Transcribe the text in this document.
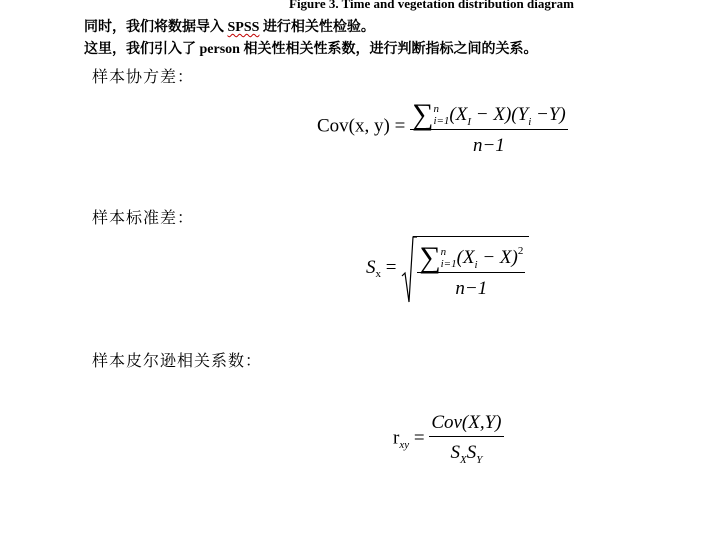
Figure 3. Time and vegetation distribution diagram
同时，我们将数据导入 SPSS 进行相关性检验。
这里，我们引入了 person 相关性相关性系数，进行判断指标之间的关系。
样本协方差：
Cov(x, y) = ∑ n
i=1 $(X_I - X)(Y_i -Y)$
n−1
样本标准差：
$S_x$ = ∑ n
i=1 $(X_i - X)^2$
n−1
样本皮尔逊相关系数：
$r_{xy} = \frac{\text{Cov(X,Y)}}{S_XS_Y}$
